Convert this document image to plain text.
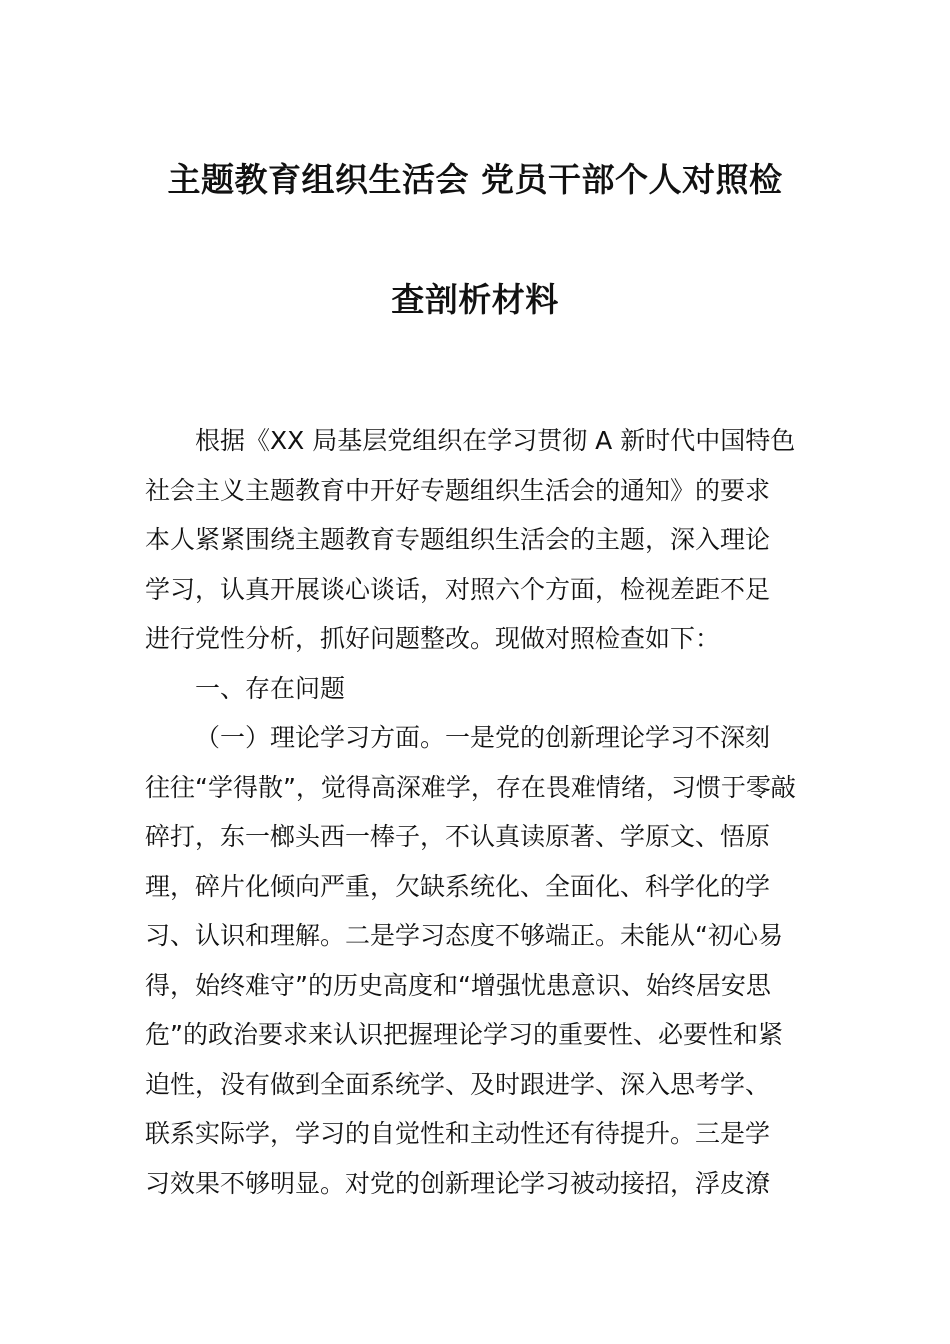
主题教育组织生活会 党员干部个人对照检
查剖析材料
根据《XX 局基层党组织在学习贯彻 A 新时代中国特色
社会主义主题教育中开好专题组织生活会的通知》的要求
本人紧紧围绕主题教育专题组织生活会的主题，深入理论
学习，认真开展谈心谈话，对照六个方面，检视差距不足
进行党性分析，抓好问题整改。现做对照检查如下：
一、存在问题
（一）理论学习方面。一是党的创新理论学习不深刻
往往“学得散”，觉得高深难学，存在畏难情绪，习惯于零敲
碎打，东一榔头西一棒子，不认真读原著、学原文、悟原
理，碎片化倾向严重，欠缺系统化、全面化、科学化的学
习、认识和理解。二是学习态度不够端正。未能从“初心易
得，始终难守”的历史高度和“增强忧患意识、始终居安思
危”的政治要求来认识把握理论学习的重要性、必要性和紧
迫性，没有做到全面系统学、及时跟进学、深入思考学、
联系实际学，学习的自觉性和主动性还有待提升。三是学
习效果不够明显。对党的创新理论学习被动接招，浮皮潦
